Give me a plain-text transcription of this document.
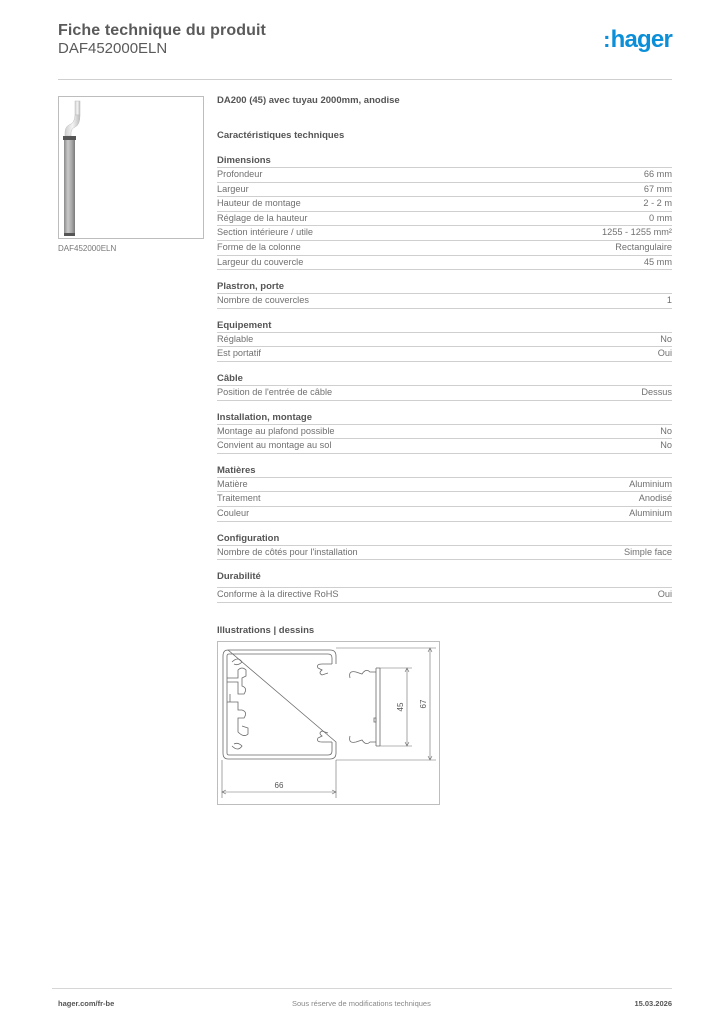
Fiche technique du produit
DAF452000ELN	:hager
DAF452000ELN
DA200 (45) avec tuyau 2000mm, anodise
Caractéristiques techniques
Dimensions
Profondeur	66 mm
Largeur	67 mm
Hauteur de montage	2 - 2 m
Réglage de la hauteur	0 mm
Section intérieure / utile	1255 - 1255 mm²
Forme de la colonne	Rectangulaire
Largeur du couvercle	45 mm
Plastron, porte
Nombre de couvercles	1
Equipement
Réglable	No
Est portatif	Oui
Câble
Position de l'entrée de câble	Dessus
Installation, montage
Montage au plafond possible	No
Convient au montage au sol	No
Matières
Matière	Aluminium
Traitement	Anodisé
Couleur	Aluminium
Configuration
Nombre de côtés pour l'installation	Simple face
Durabilité
Conforme à la directive RoHS	Oui
Illustrations | dessins
66
45 67
hager.com/fr-be	Sous réserve de modifications techniques	15.03.2026
